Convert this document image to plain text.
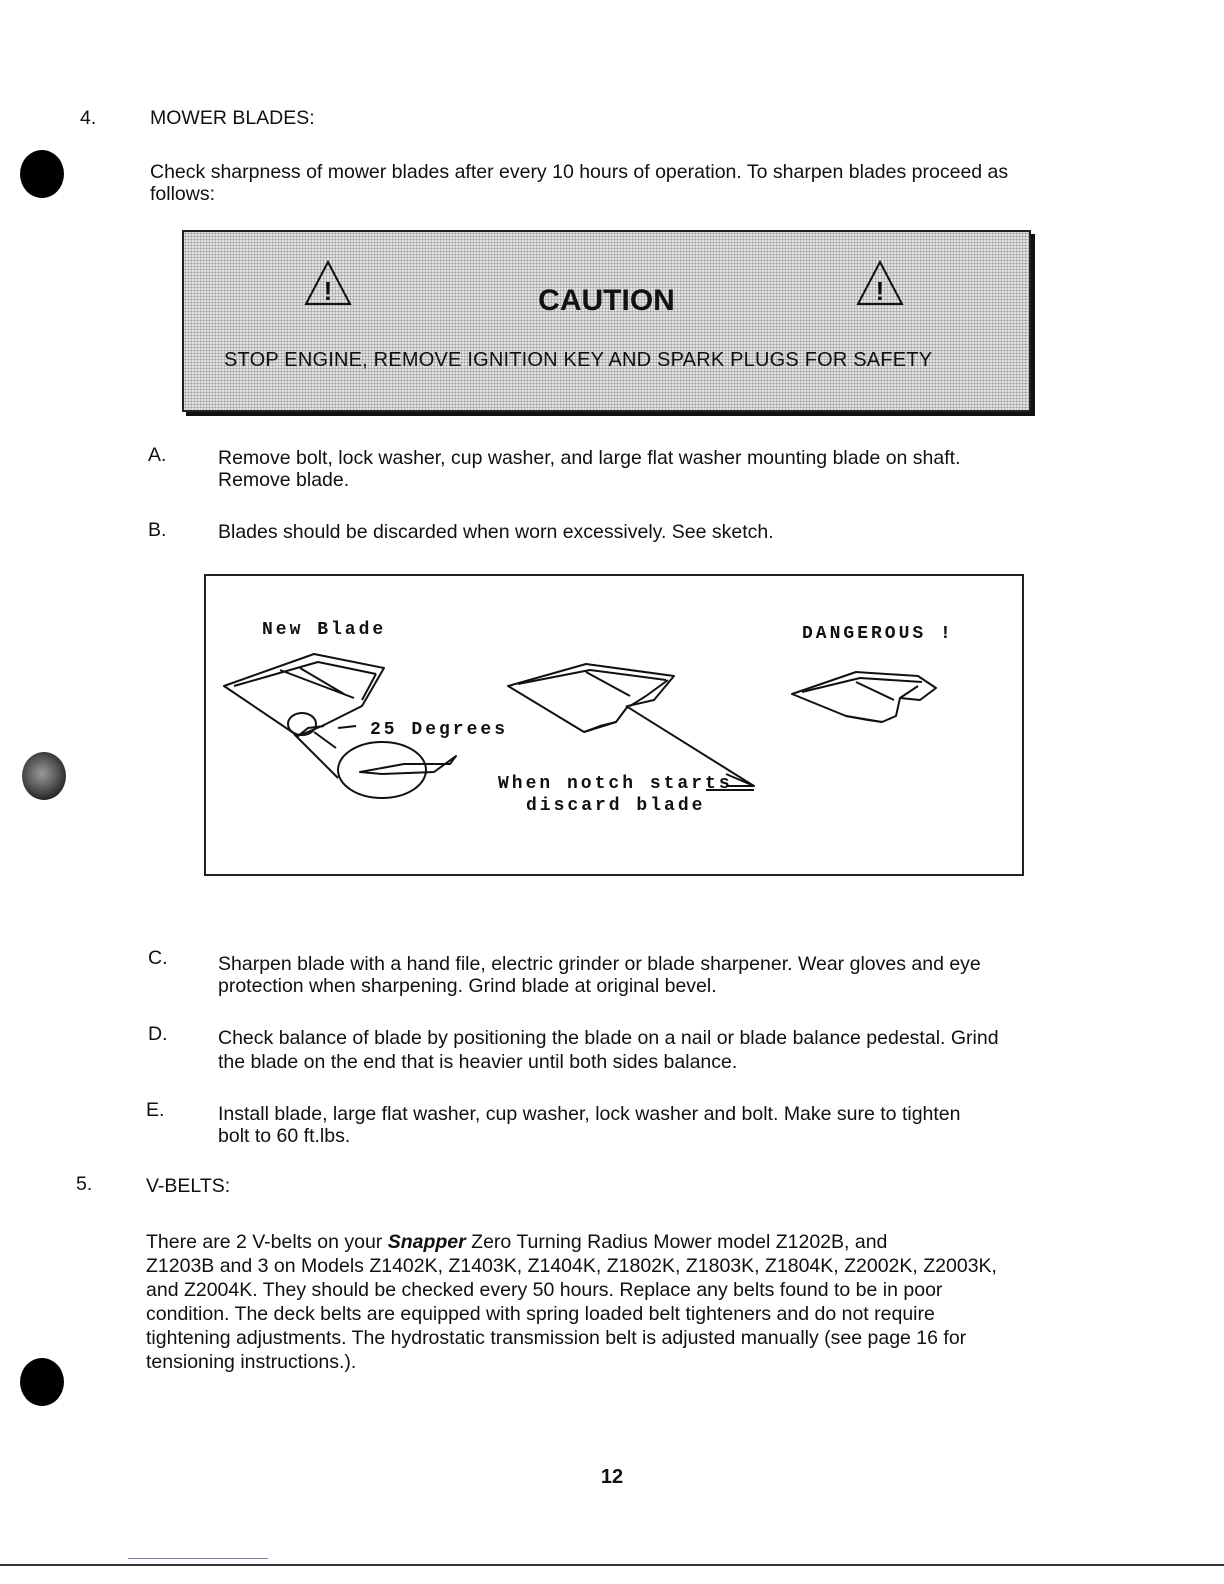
4.	MOWER BLADES:
Check sharpness of mower blades after every 10 hours of operation. To sharpen blades proceed as
follows:
!	CAUTION	!
STOP ENGINE, REMOVE IGNITION KEY AND SPARK PLUGS FOR SAFETY
A.	Remove bolt, lock washer, cup washer, and large flat washer mounting blade on shaft.
Remove blade.
B.	Blades should be discarded when worn excessively. See sketch.
New Blade
25 Degrees
When notch starts
discard blade
DANGEROUS !
C.	Sharpen blade with a hand file, electric grinder or blade sharpener. Wear gloves and eye
protection when sharpening. Grind blade at original bevel.
D.	Check balance of blade by positioning the blade on a nail or blade balance pedestal. Grind
the blade on the end that is heavier until both sides balance.
E.	Install blade, large flat washer, cup washer, lock washer and bolt. Make sure to tighten
bolt to 60 ft.lbs.
5.	V-BELTS:
There are 2 V-belts on your Snapper Zero Turning Radius Mower model Z1202B, and
Z1203B and 3 on Models Z1402K, Z1403K, Z1404K, Z1802K, Z1803K, Z1804K, Z2002K, Z2003K,
and Z2004K. They should be checked every 50 hours. Replace any belts found to be in poor
condition. The deck belts are equipped with spring loaded belt tighteners and do not require
tightening adjustments. The hydrostatic transmission belt is adjusted manually (see page 16 for
tensioning instructions.).
12
